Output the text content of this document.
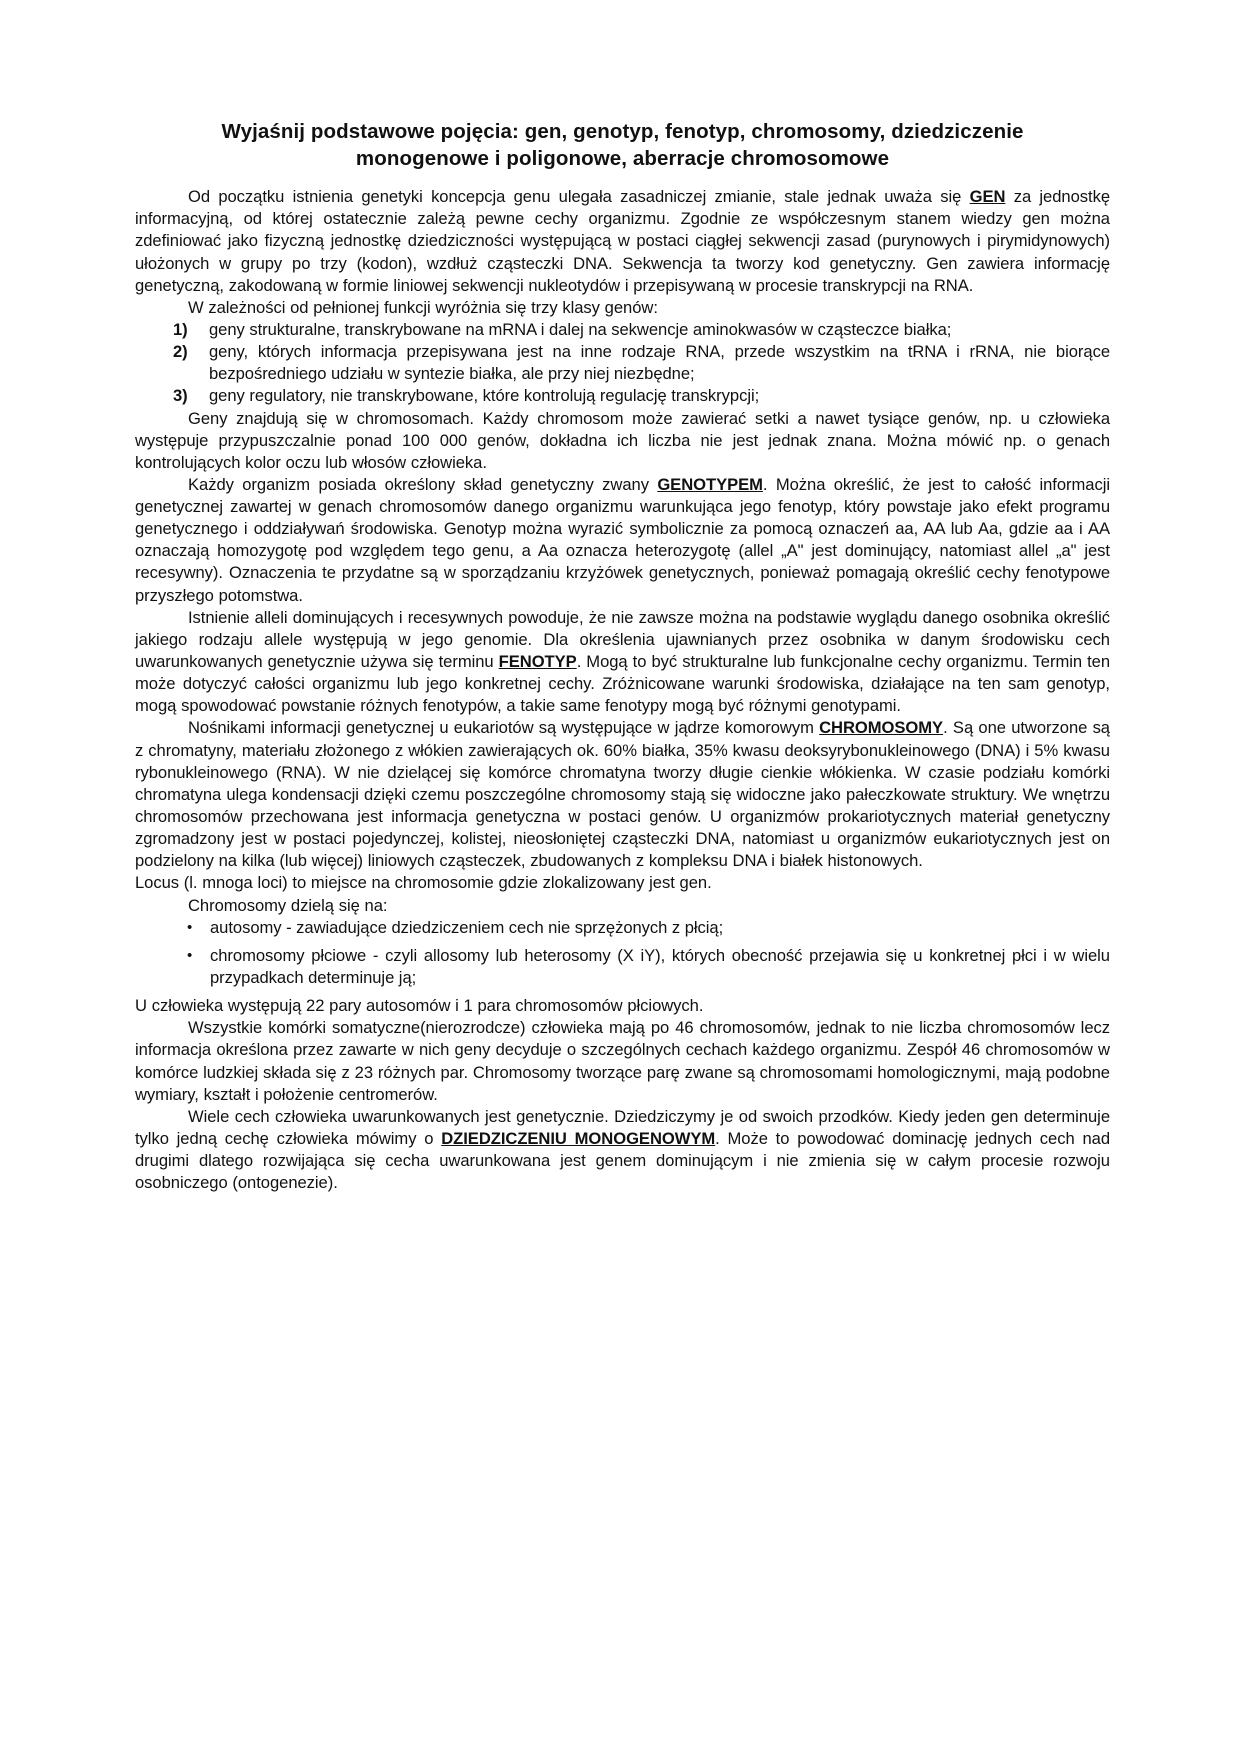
Wyjaśnij podstawowe pojęcia: gen, genotyp, fenotyp, chromosomy, dziedziczenie monogenowe i poligonowe, aberracje chromosomowe

Od początku istnienia genetyki koncepcja genu ulegała zasadniczej zmianie, stale jednak uważa się GEN za jednostkę informacyjną, od której ostatecznie zależą pewne cechy organizmu. Zgodnie ze współczesnym stanem wiedzy gen można zdefiniować jako fizyczną jednostkę dziedziczności występującą w postaci ciągłej sekwencji zasad (purynowych i pirymidynowych) ułożonych w grupy po trzy (kodon), wzdłuż cząsteczki DNA. Sekwencja ta tworzy kod genetyczny. Gen zawiera informację genetyczną, zakodowaną w formie liniowej sekwencji nukleotydów i przepisywaną w procesie transkrypcji na RNA.

W zależności od pełnionej funkcji wyróżnia się trzy klasy genów:

1) geny strukturalne, transkrybowane na mRNA i dalej na sekwencje aminokwasów w cząsteczce białka;
2) geny, których informacja przepisywana jest na inne rodzaje RNA, przede wszystkim na tRNA i rRNA, nie biorące bezpośredniego udziału w syntezie białka, ale przy niej niezbędne;
3) geny regulatory, nie transkrybowane, które kontrolują regulację transkrypcji;

Geny znajdują się w chromosomach. Każdy chromosom może zawierać setki a nawet tysiące genów, np. u człowieka występuje przypuszczalnie ponad 100 000 genów, dokładna ich liczba nie jest jednak znana. Można mówić np. o genach kontrolujących kolor oczu lub włosów człowieka.

Każdy organizm posiada określony skład genetyczny zwany GENOTYPEM. Można określić, że jest to całość informacji genetycznej zawartej w genach chromosomów danego organizmu warunkująca jego fenotyp, który powstaje jako efekt programu genetycznego i oddziaływań środowiska. Genotyp można wyrazić symbolicznie za pomocą oznaczeń aa, AA lub Aa, gdzie aa i AA oznaczają homozygotę pod względem tego genu, a Aa oznacza heterozygotę (allel „A" jest dominujący, natomiast allel „a" jest recesywny). Oznaczenia te przydatne są w sporządzaniu krzyżówek genetycznych, ponieważ pomagają określić cechy fenotypowe przyszłego potomstwa.

Istnienie alleli dominujących i recesywnych powoduje, że nie zawsze można na podstawie wyglądu danego osobnika określić jakiego rodzaju allele występują w jego genomie. Dla określenia ujawnianych przez osobnika w danym środowisku cech uwarunkowanych genetycznie używa się terminu FENOTYP. Mogą to być strukturalne lub funkcjonalne cechy organizmu. Termin ten może dotyczyć całości organizmu lub jego konkretnej cechy. Zróżnicowane warunki środowiska, działające na ten sam genotyp, mogą spowodować powstanie różnych fenotypów, a takie same fenotypy mogą być różnymi genotypami.

Nośnikami informacji genetycznej u eukariotów są występujące w jądrze komorowym CHROMOSOMY. Są one utworzone są z chromatyny, materiału złożonego z włókien zawierających ok. 60% białka, 35% kwasu deoksyrybonukleinowego (DNA) i 5% kwasu rybonukleinowego (RNA). W nie dzielącej się komórce chromatyna tworzy długie cienkie włókienka. W czasie podziału komórki chromatyna ulega kondensacji dzięki czemu poszczególne chromosomy stają się widoczne jako pałeczkowate struktury. We wnętrzu chromosomów przechowana jest informacja genetyczna w postaci genów. U organizmów prokariotycznych materiał genetyczny zgromadzony jest w postaci pojedynczej, kolistej, nieosłoniętej cząsteczki DNA, natomiast u organizmów eukariotycznych jest on podzielony na kilka (lub więcej) liniowych cząsteczek, zbudowanych z kompleksu DNA i białek histonowych.

Locus (l. mnoga loci) to miejsce na chromosomie gdzie zlokalizowany jest gen.

Chromosomy dzielą się na:

• autosomy - zawiadujące dziedziczeniem cech nie sprzężonych z płcią;
• chromosomy płciowe - czyli allosomy lub heterosomy (X iY), których obecność przejawia się u konkretnej płci i w wielu przypadkach determinuje ją;

U człowieka występują 22 pary autosomów i 1 para chromosomów płciowych.

Wszystkie komórki somatyczne(nierozrodcze) człowieka mają po 46 chromosomów, jednak to nie liczba chromosomów lecz informacja określona przez zawarte w nich geny decyduje o szczególnych cechach każdego organizmu. Zespół 46 chromosomów w komórce ludzkiej składa się z 23 różnych par. Chromosomy tworzące parę zwane są chromosomami homologicznymi, mają podobne wymiary, kształt i położenie centromerów.

Wiele cech człowieka uwarunkowanych jest genetycznie. Dziedziczymy je od swoich przodków. Kiedy jeden gen determinuje tylko jedną cechę człowieka mówimy o DZIEDZICZENIU MONOGENOWYM. Może to powodować dominację jednych cech nad drugimi dlatego rozwijająca się cecha uwarunkowana jest genem dominującym i nie zmienia się w całym procesie rozwoju osobniczego (ontogenezie).
